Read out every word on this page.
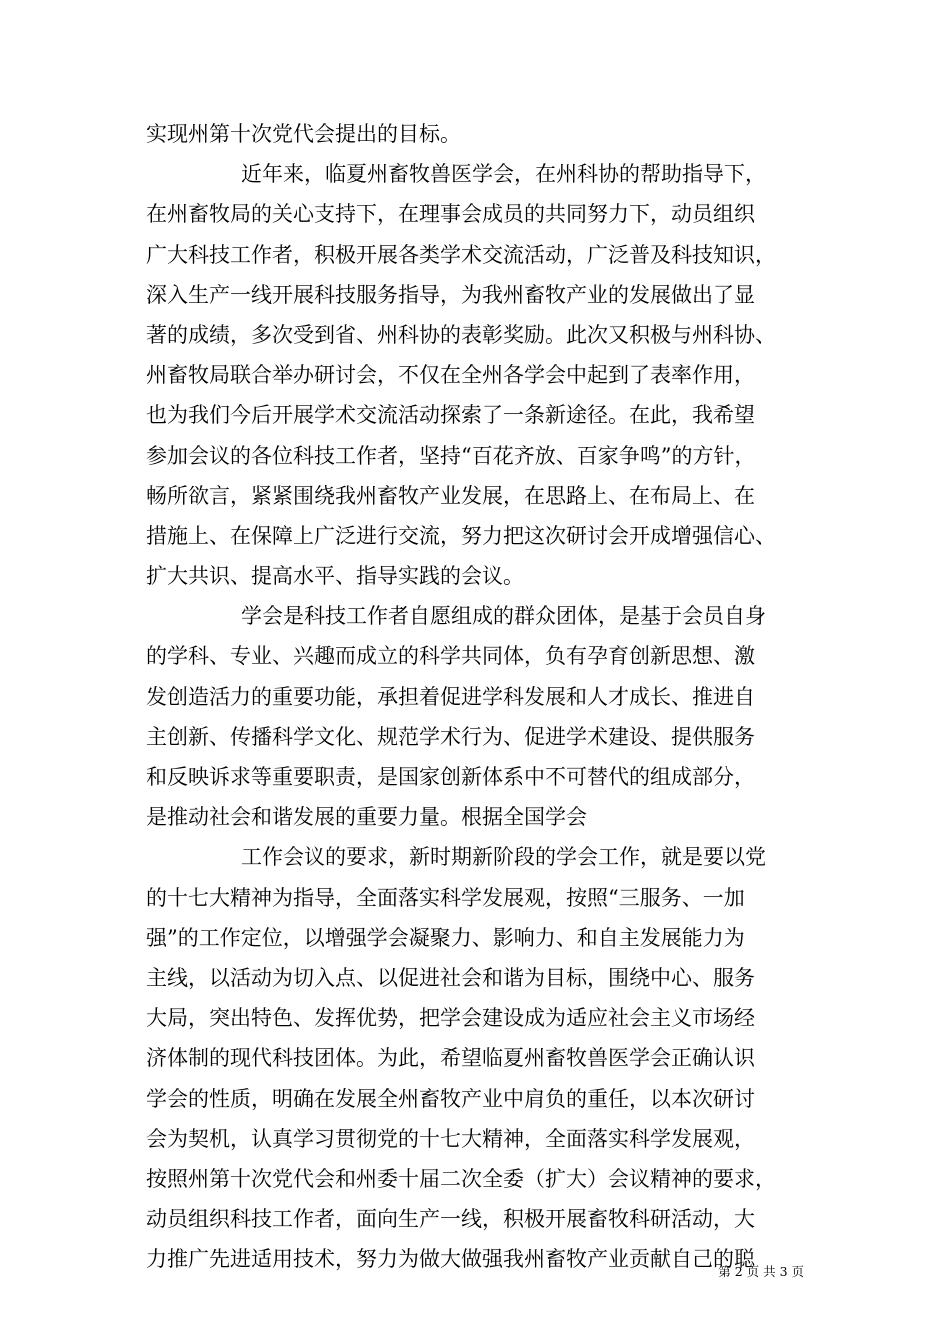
实现州第十次党代会提出的目标。
近年来，临夏州畜牧兽医学会，在州科协的帮助指导下，
在州畜牧局的关心支持下，在理事会成员的共同努力下，动员组织
广大科技工作者，积极开展各类学术交流活动，广泛普及科技知识，
深入生产一线开展科技服务指导，为我州畜牧产业的发展做出了显
著的成绩，多次受到省、州科协的表彰奖励。此次又积极与州科协、
州畜牧局联合举办研讨会，不仅在全州各学会中起到了表率作用，
也为我们今后开展学术交流活动探索了一条新途径。在此，我希望
参加会议的各位科技工作者，坚持“百花齐放、百家争鸣”的方针，
畅所欲言，紧紧围绕我州畜牧产业发展，在思路上、在布局上、在
措施上、在保障上广泛进行交流，努力把这次研讨会开成增强信心、
扩大共识、提高水平、指导实践的会议。
学会是科技工作者自愿组成的群众团体，是基于会员自身
的学科、专业、兴趣而成立的科学共同体，负有孕育创新思想、激
发创造活力的重要功能，承担着促进学科发展和人才成长、推进自
主创新、传播科学文化、规范学术行为、促进学术建设、提供服务
和反映诉求等重要职责，是国家创新体系中不可替代的组成部分，
是推动社会和谐发展的重要力量。根据全国学会
工作会议的要求，新时期新阶段的学会工作，就是要以党
的十七大精神为指导，全面落实科学发展观，按照“三服务、一加
强”的工作定位，以增强学会凝聚力、影响力、和自主发展能力为
主线，以活动为切入点、以促进社会和谐为目标，围绕中心、服务
大局，突出特色、发挥优势，把学会建设成为适应社会主义市场经
济体制的现代科技团体。为此，希望临夏州畜牧兽医学会正确认识
学会的性质，明确在发展全州畜牧产业中肩负的重任，以本次研讨
会为契机，认真学习贯彻党的十七大精神，全面落实科学发展观，
按照州第十次党代会和州委十届二次全委（扩大）会议精神的要求，
动员组织科技工作者，面向生产一线，积极开展畜牧科研活动，大
力推广先进适用技术，努力为做大做强我州畜牧产业贡献自己的聪
第 2 页 共 3 页
